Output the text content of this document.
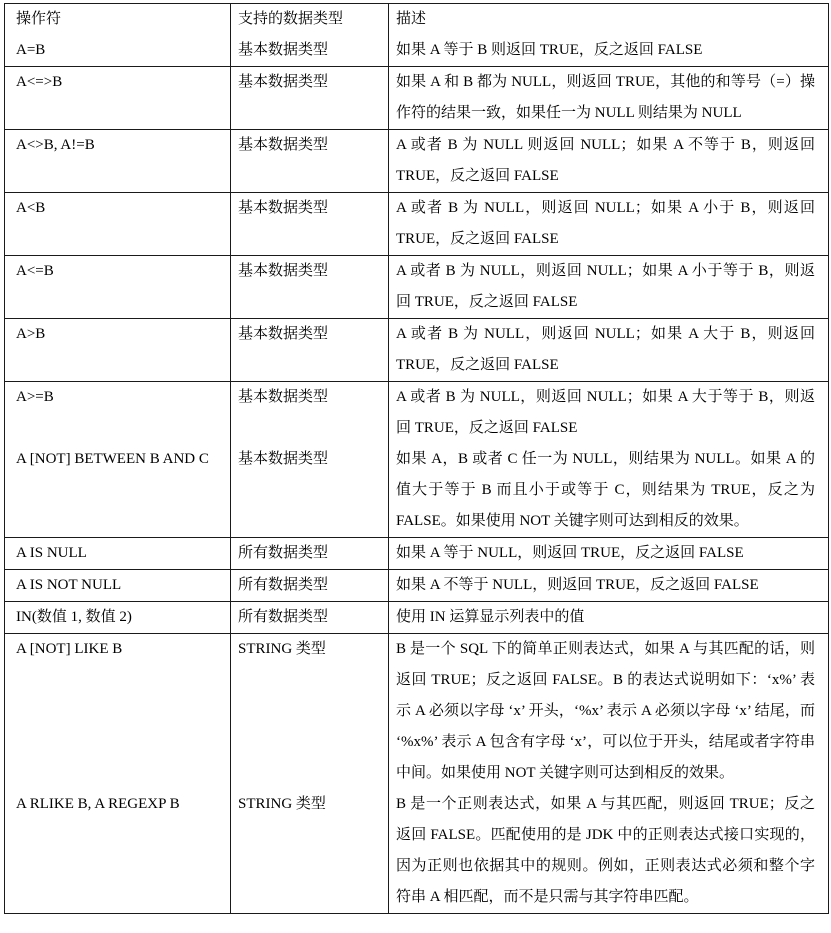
操作符	支持的数据类型	描述
A=B	基本数据类型	如果 A 等于 B 则返回 TRUE，反之返回 FALSE
A<=>B	基本数据类型	如果 A 和 B 都为 NULL，则返回 TRUE，其他的和等号（=）操作符的结果一致，如果任一为 NULL 则结果为 NULL
A<>B, A!=B	基本数据类型	A 或者 B 为 NULL 则返回 NULL；如果 A 不等于 B，则返回 TRUE，反之返回 FALSE
A<B	基本数据类型	A 或者 B 为 NULL，则返回 NULL；如果 A 小于 B，则返回 TRUE，反之返回 FALSE
A<=B	基本数据类型	A 或者 B 为 NULL，则返回 NULL；如果 A 小于等于 B，则返回 TRUE，反之返回 FALSE
A>B	基本数据类型	A 或者 B 为 NULL，则返回 NULL；如果 A 大于 B，则返回 TRUE，反之返回 FALSE
A>=B	基本数据类型	A 或者 B 为 NULL，则返回 NULL；如果 A 大于等于 B，则返回 TRUE，反之返回 FALSE
A [NOT] BETWEEN B AND C	基本数据类型	如果 A，B 或者 C 任一为 NULL，则结果为 NULL。如果 A 的值大于等于 B 而且小于或等于 C，则结果为 TRUE，反之为 FALSE。如果使用 NOT 关键字则可达到相反的效果。
A IS NULL	所有数据类型	如果 A 等于 NULL，则返回 TRUE，反之返回 FALSE
A IS NOT NULL	所有数据类型	如果 A 不等于 NULL，则返回 TRUE，反之返回 FALSE
IN(数值 1, 数值 2)	所有数据类型	使用 IN 运算显示列表中的值
A [NOT] LIKE B	STRING 类型	B 是一个 SQL 下的简单正则表达式，如果 A 与其匹配的话，则返回 TRUE；反之返回 FALSE。B 的表达式说明如下：‘x%’ 表示 A 必须以字母 ‘x’ 开头，‘%x’ 表示 A 必须以字母 ‘x’ 结尾，而 ‘%x%’ 表示 A 包含有字母 ‘x’，可以位于开头，结尾或者字符串中间。如果使用 NOT 关键字则可达到相反的效果。
A RLIKE B, A REGEXP B	STRING 类型	B 是一个正则表达式，如果 A 与其匹配，则返回 TRUE；反之返回 FALSE。匹配使用的是 JDK 中的正则表达式接口实现的，因为正则也依据其中的规则。例如，正则表达式必须和整个字符串 A 相匹配，而不是只需与其字符串匹配。
